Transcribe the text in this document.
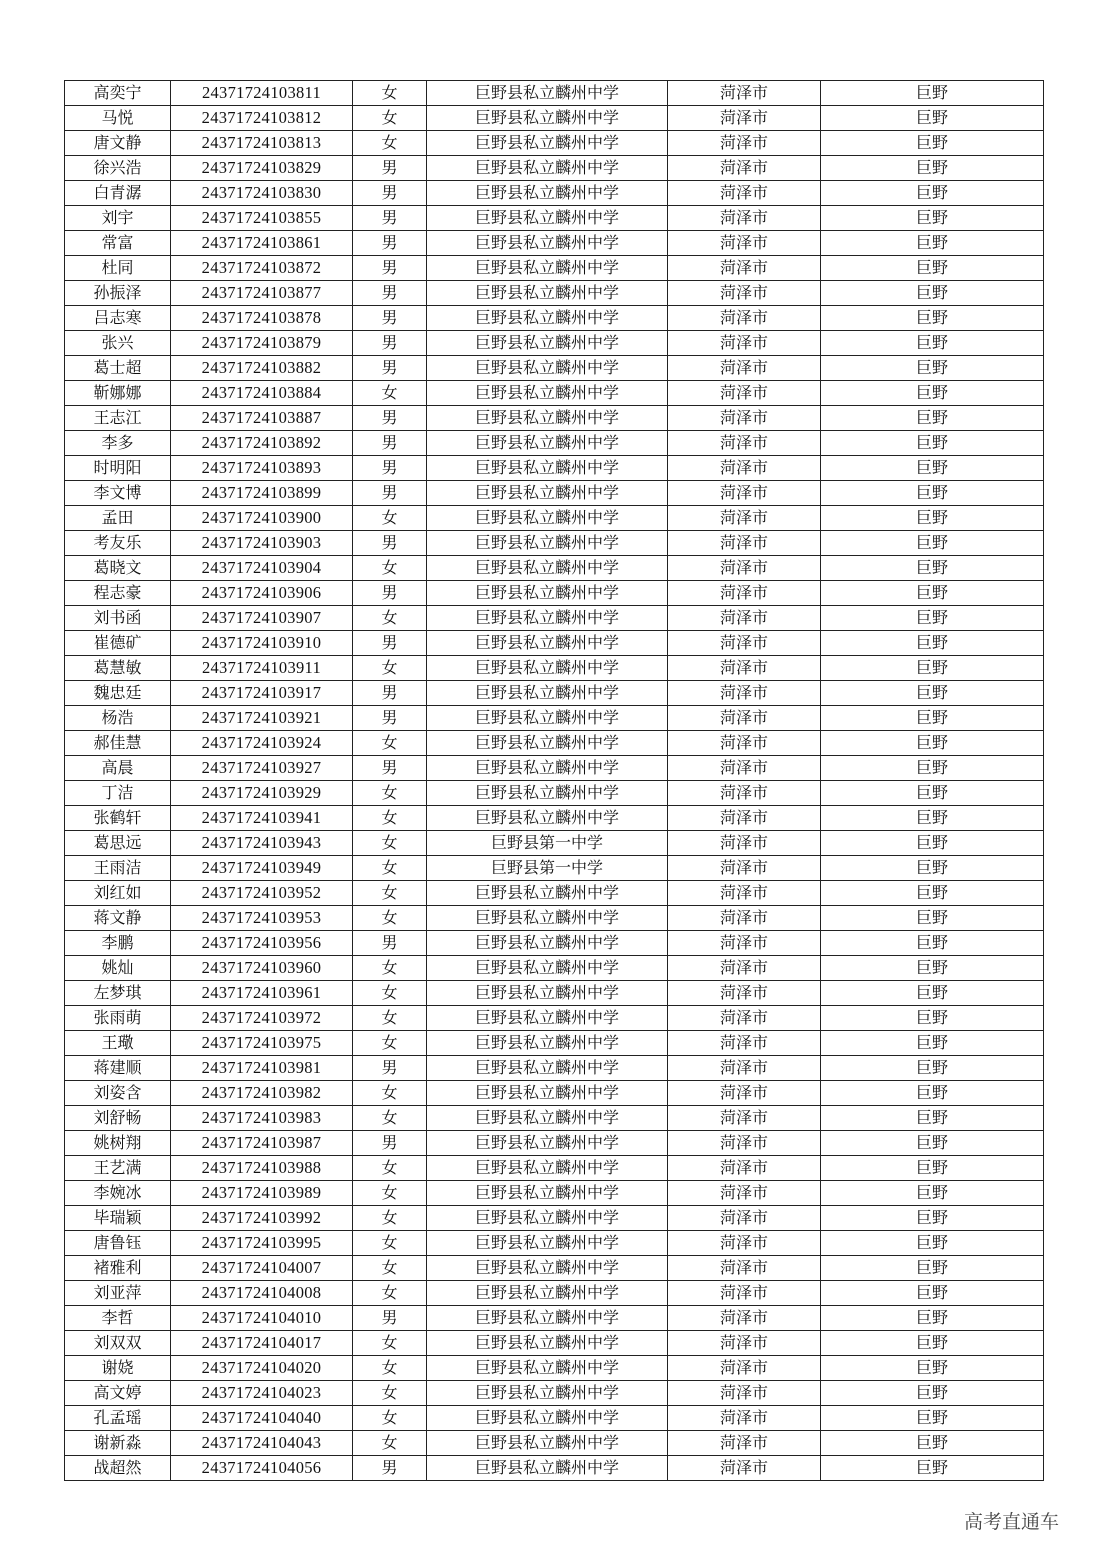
高奕宁	24371724103811	女	巨野县私立麟州中学	菏泽市	巨野
马悦	24371724103812	女	巨野县私立麟州中学	菏泽市	巨野
唐文静	24371724103813	女	巨野县私立麟州中学	菏泽市	巨野
徐兴浩	24371724103829	男	巨野县私立麟州中学	菏泽市	巨野
白青潺	24371724103830	男	巨野县私立麟州中学	菏泽市	巨野
刘宇	24371724103855	男	巨野县私立麟州中学	菏泽市	巨野
常富	24371724103861	男	巨野县私立麟州中学	菏泽市	巨野
杜同	24371724103872	男	巨野县私立麟州中学	菏泽市	巨野
孙振泽	24371724103877	男	巨野县私立麟州中学	菏泽市	巨野
吕志寒	24371724103878	男	巨野县私立麟州中学	菏泽市	巨野
张兴	24371724103879	男	巨野县私立麟州中学	菏泽市	巨野
葛士超	24371724103882	男	巨野县私立麟州中学	菏泽市	巨野
靳娜娜	24371724103884	女	巨野县私立麟州中学	菏泽市	巨野
王志江	24371724103887	男	巨野县私立麟州中学	菏泽市	巨野
李多	24371724103892	男	巨野县私立麟州中学	菏泽市	巨野
时明阳	24371724103893	男	巨野县私立麟州中学	菏泽市	巨野
李文博	24371724103899	男	巨野县私立麟州中学	菏泽市	巨野
孟田	24371724103900	女	巨野县私立麟州中学	菏泽市	巨野
考友乐	24371724103903	男	巨野县私立麟州中学	菏泽市	巨野
葛晓文	24371724103904	女	巨野县私立麟州中学	菏泽市	巨野
程志豪	24371724103906	男	巨野县私立麟州中学	菏泽市	巨野
刘书函	24371724103907	女	巨野县私立麟州中学	菏泽市	巨野
崔德矿	24371724103910	男	巨野县私立麟州中学	菏泽市	巨野
葛慧敏	24371724103911	女	巨野县私立麟州中学	菏泽市	巨野
魏忠廷	24371724103917	男	巨野县私立麟州中学	菏泽市	巨野
杨浩	24371724103921	男	巨野县私立麟州中学	菏泽市	巨野
郝佳慧	24371724103924	女	巨野县私立麟州中学	菏泽市	巨野
高晨	24371724103927	男	巨野县私立麟州中学	菏泽市	巨野
丁洁	24371724103929	女	巨野县私立麟州中学	菏泽市	巨野
张鹤轩	24371724103941	女	巨野县私立麟州中学	菏泽市	巨野
葛思远	24371724103943	女	巨野县第一中学	菏泽市	巨野
王雨洁	24371724103949	女	巨野县第一中学	菏泽市	巨野
刘红如	24371724103952	女	巨野县私立麟州中学	菏泽市	巨野
蒋文静	24371724103953	女	巨野县私立麟州中学	菏泽市	巨野
李鹏	24371724103956	男	巨野县私立麟州中学	菏泽市	巨野
姚灿	24371724103960	女	巨野县私立麟州中学	菏泽市	巨野
左梦琪	24371724103961	女	巨野县私立麟州中学	菏泽市	巨野
张雨萌	24371724103972	女	巨野县私立麟州中学	菏泽市	巨野
王璥	24371724103975	女	巨野县私立麟州中学	菏泽市	巨野
蒋建顺	24371724103981	男	巨野县私立麟州中学	菏泽市	巨野
刘姿含	24371724103982	女	巨野县私立麟州中学	菏泽市	巨野
刘舒畅	24371724103983	女	巨野县私立麟州中学	菏泽市	巨野
姚树翔	24371724103987	男	巨野县私立麟州中学	菏泽市	巨野
王艺满	24371724103988	女	巨野县私立麟州中学	菏泽市	巨野
李婉冰	24371724103989	女	巨野县私立麟州中学	菏泽市	巨野
毕瑞颖	24371724103992	女	巨野县私立麟州中学	菏泽市	巨野
唐鲁钰	24371724103995	女	巨野县私立麟州中学	菏泽市	巨野
褚雅利	24371724104007	女	巨野县私立麟州中学	菏泽市	巨野
刘亚萍	24371724104008	女	巨野县私立麟州中学	菏泽市	巨野
李哲	24371724104010	男	巨野县私立麟州中学	菏泽市	巨野
刘双双	24371724104017	女	巨野县私立麟州中学	菏泽市	巨野
谢娆	24371724104020	女	巨野县私立麟州中学	菏泽市	巨野
高文婷	24371724104023	女	巨野县私立麟州中学	菏泽市	巨野
孔孟瑶	24371724104040	女	巨野县私立麟州中学	菏泽市	巨野
谢新淼	24371724104043	女	巨野县私立麟州中学	菏泽市	巨野
战超然	24371724104056	男	巨野县私立麟州中学	菏泽市	巨野
高考直通车
